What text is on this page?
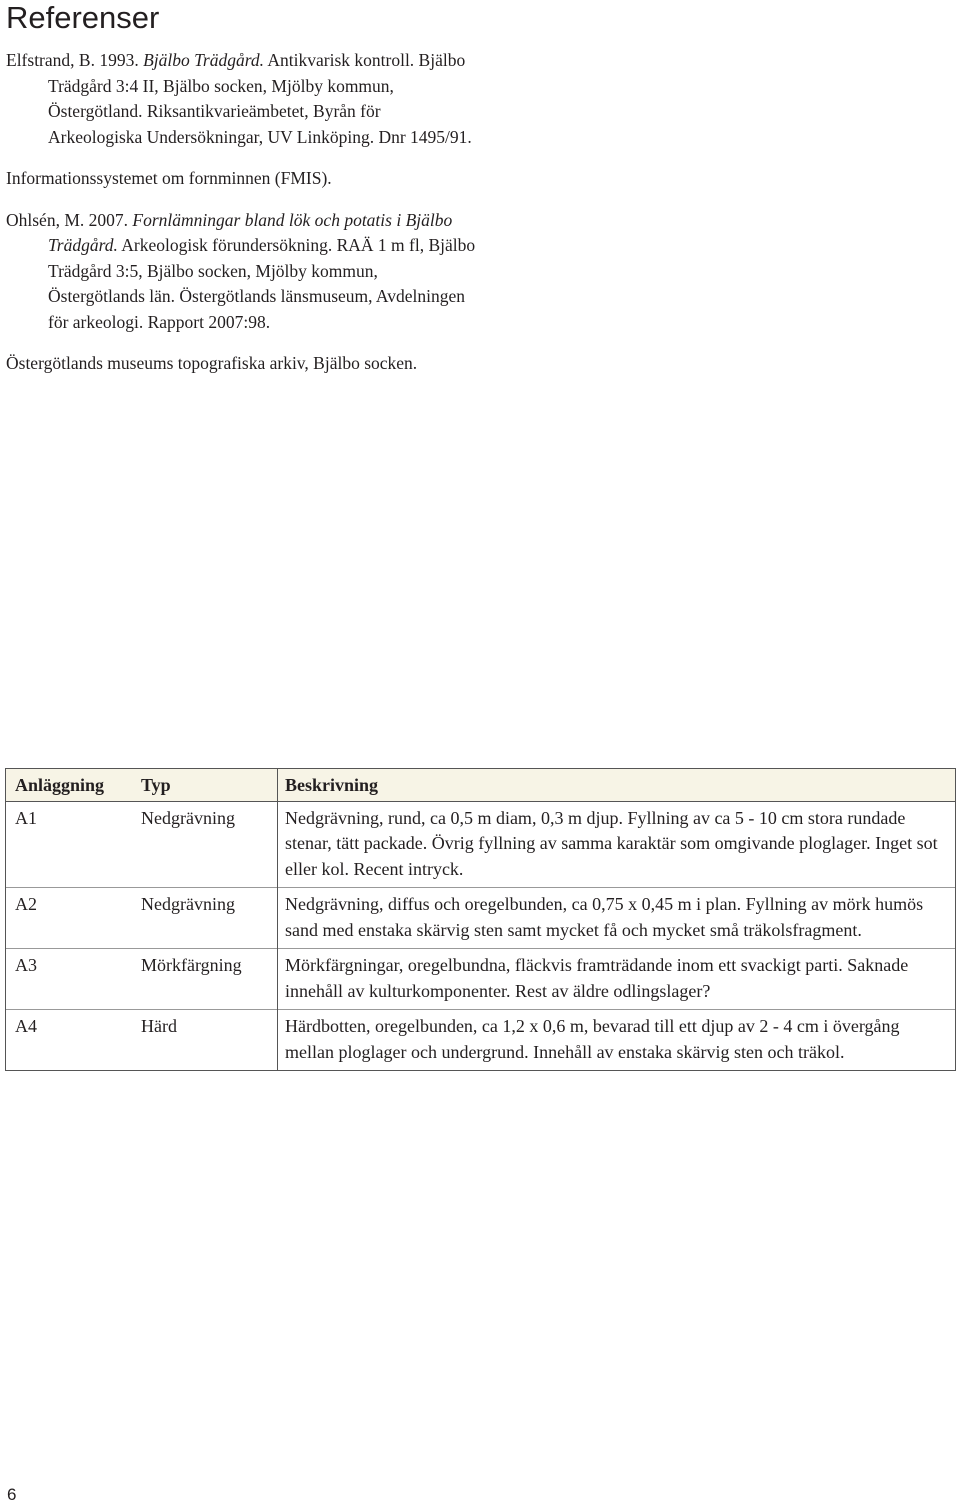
Referenser

Elfstrand, B. 1993. Bjälbo Trädgård. Antikvarisk kontroll. Bjälbo Trädgård 3:4 II, Bjälbo socken, Mjölby kommun, Östergötland. Riksantikvarieämbetet, Byrån för Arkeologiska Undersökningar, UV Linköping. Dnr 1495/91.

Informationssystemet om fornminnen (FMIS).

Ohlsén, M. 2007. Fornlämningar bland lök och potatis i Bjälbo Trädgård. Arkeologisk förundersökning. RAÄ 1 m fl, Bjälbo Trädgård 3:5, Bjälbo socken, Mjölby kommun, Östergötlands län. Östergötlands länsmuseum, Avdelningen för arkeologi. Rapport 2007:98.

Östergötlands museums topografiska arkiv, Bjälbo socken.

Anläggning	Typ	Beskrivning
A1	Nedgrävning	Nedgrävning, rund, ca 0,5 m diam, 0,3 m djup. Fyllning av ca 5 - 10 cm stora rundade stenar, tätt packade. Övrig fyllning av samma karaktär som omgivande ploglager. Inget sot eller kol. Recent intryck.
A2	Nedgrävning	Nedgrävning, diffus och oregelbunden, ca 0,75 x 0,45 m i plan. Fyllning av mörk humös sand med enstaka skärvig sten samt mycket få och mycket små träkolsfragment.
A3	Mörkfärgning	Mörkfärgningar, oregelbundna, fläckvis framträdande inom ett svackigt parti. Saknade innehåll av kulturkomponenter. Rest av äldre odlingslager?
A4	Härd	Härdbotten, oregelbunden, ca 1,2 x 0,6 m, bevarad till ett djup av 2 - 4 cm i övergång mellan ploglager och undergrund. Innehåll av enstaka skärvig sten och träkol.
6
